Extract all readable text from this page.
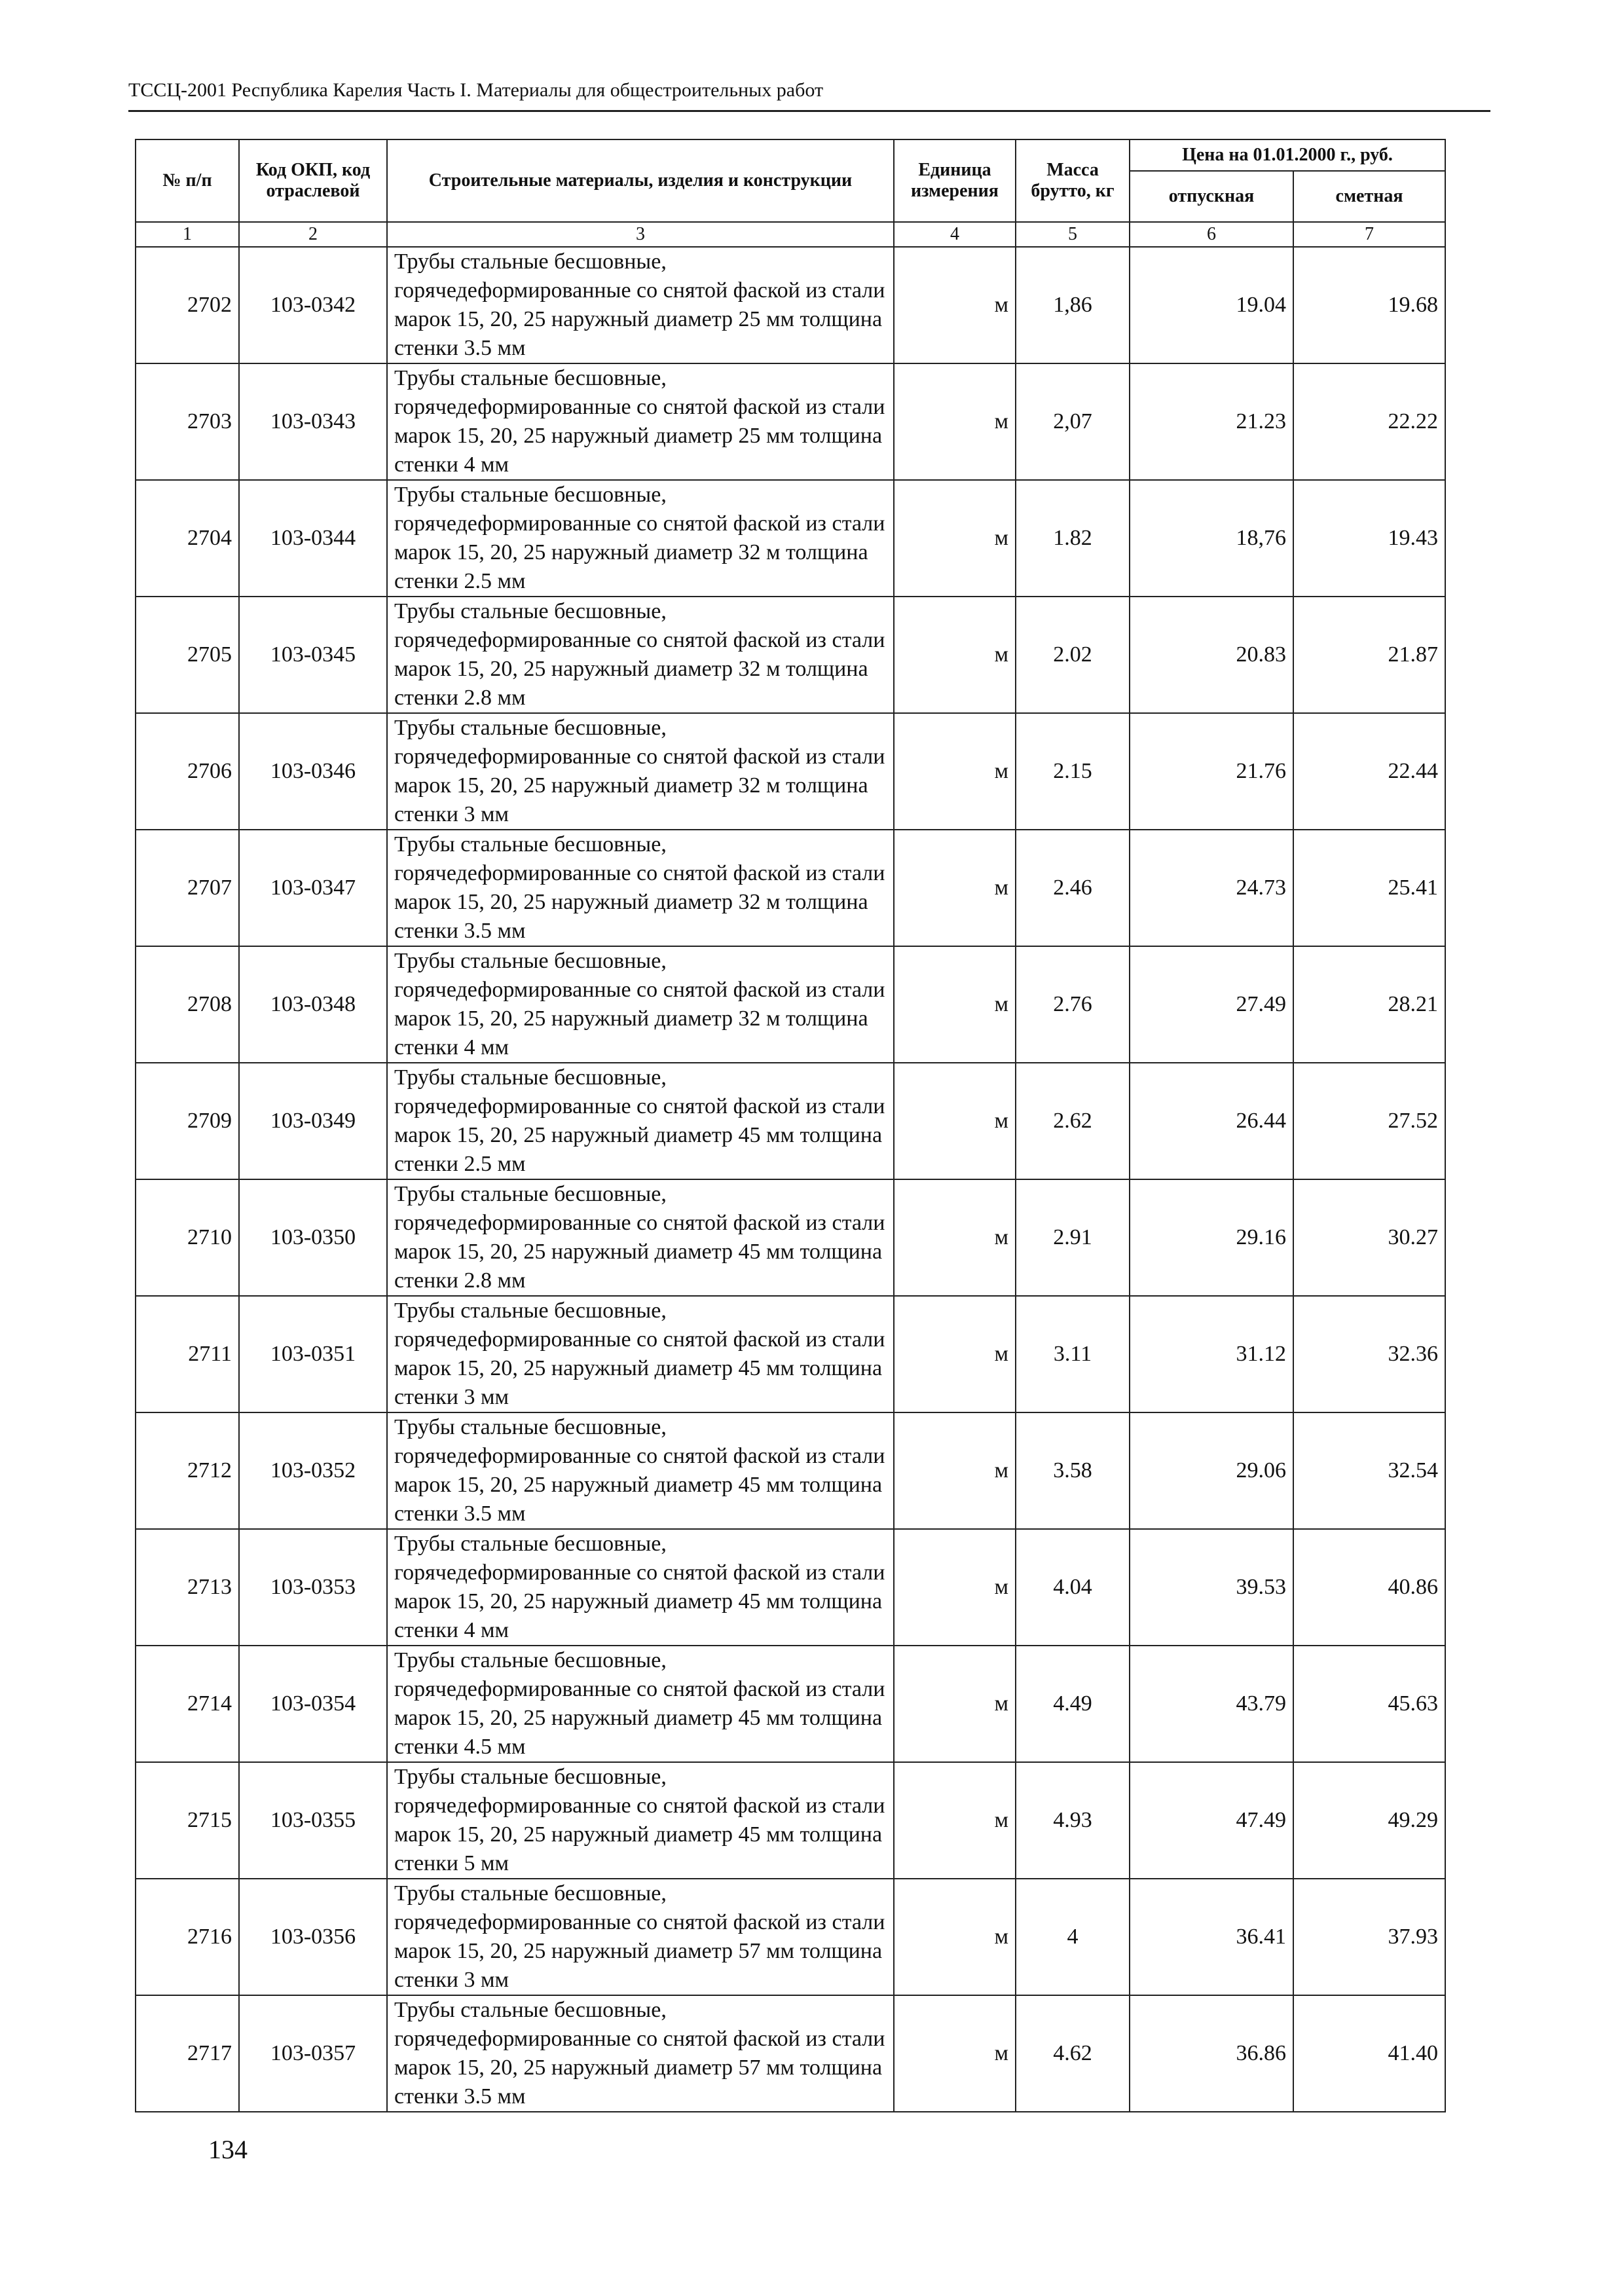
ТССЦ-2001 Республика Карелия Часть I. Материалы для общестроительных работ
№ п/п	Код ОКП, код отраслевой	Строительные материалы, изделия и конструкции	Единица измерения	Масса брутто, кг	Цена на 01.01.2000 г., руб.	
					отпускная	сметная
1	2	3	4	5	6	7
2702	103-0342	Трубы стальные бесшовные, горячедеформированные со снятой фаской из стали марок 15, 20, 25 наружный диаметр 25 мм толщина стенки 3.5 мм	м	1,86	19.04	19.68
2703	103-0343	Трубы стальные бесшовные, горячедеформированные со снятой фаской из стали марок 15, 20, 25 наружный диаметр 25 мм толщина стенки 4 мм	м	2,07	21.23	22.22
2704	103-0344	Трубы стальные бесшовные, горячедеформированные со снятой фаской из стали марок 15, 20, 25 наружный диаметр 32 м толщина стенки 2.5 мм	м	1.82	18,76	19.43
2705	103-0345	Трубы стальные бесшовные, горячедеформированные со снятой фаской из стали марок 15, 20, 25 наружный диаметр 32 м толщина стенки 2.8 мм	м	2.02	20.83	21.87
2706	103-0346	Трубы стальные бесшовные, горячедеформированные со снятой фаской из стали марок 15, 20, 25 наружный диаметр 32 м толщина стенки 3 мм	м	2.15	21.76	22.44
2707	103-0347	Трубы стальные бесшовные, горячедеформированные со снятой фаской из стали марок 15, 20, 25 наружный диаметр 32 м толщина стенки 3.5 мм	м	2.46	24.73	25.41
2708	103-0348	Трубы стальные бесшовные, горячедеформированные со снятой фаской из стали марок 15, 20, 25 наружный диаметр 32 м толщина стенки 4 мм	м	2.76	27.49	28.21
2709	103-0349	Трубы стальные бесшовные, горячедеформированные со снятой фаской из стали марок 15, 20, 25 наружный диаметр 45 мм толщина стенки 2.5 мм	м	2.62	26.44	27.52
2710	103-0350	Трубы стальные бесшовные, горячедеформированные со снятой фаской из стали марок 15, 20, 25 наружный диаметр 45 мм толщина стенки 2.8 мм	м	2.91	29.16	30.27
2711	103-0351	Трубы стальные бесшовные, горячедеформированные со снятой фаской из стали марок 15, 20, 25 наружный диаметр 45 мм толщина стенки 3 мм	м	3.11	31.12	32.36
2712	103-0352	Трубы стальные бесшовные, горячедеформированные со снятой фаской из стали марок 15, 20, 25 наружный диаметр 45 мм толщина стенки 3.5 мм	м	3.58	29.06	32.54
2713	103-0353	Трубы стальные бесшовные, горячедеформированные со снятой фаской из стали марок 15, 20, 25 наружный диаметр 45 мм толщина стенки 4 мм	м	4.04	39.53	40.86
2714	103-0354	Трубы стальные бесшовные, горячедеформированные со снятой фаской из стали марок 15, 20, 25 наружный диаметр 45 мм толщина стенки 4.5 мм	м	4.49	43.79	45.63
2715	103-0355	Трубы стальные бесшовные, горячедеформированные со снятой фаской из стали марок 15, 20, 25 наружный диаметр 45 мм толщина стенки 5 мм	м	4.93	47.49	49.29
2716	103-0356	Трубы стальные бесшовные, горячедеформированные со снятой фаской из стали марок 15, 20, 25 наружный диаметр 57 мм толщина стенки 3 мм	м	4	36.41	37.93
2717	103-0357	Трубы стальные бесшовные, горячедеформированные со снятой фаской из стали марок 15, 20, 25 наружный диаметр 57 мм толщина стенки 3.5 мм	м	4.62	36.86	41.40
134
